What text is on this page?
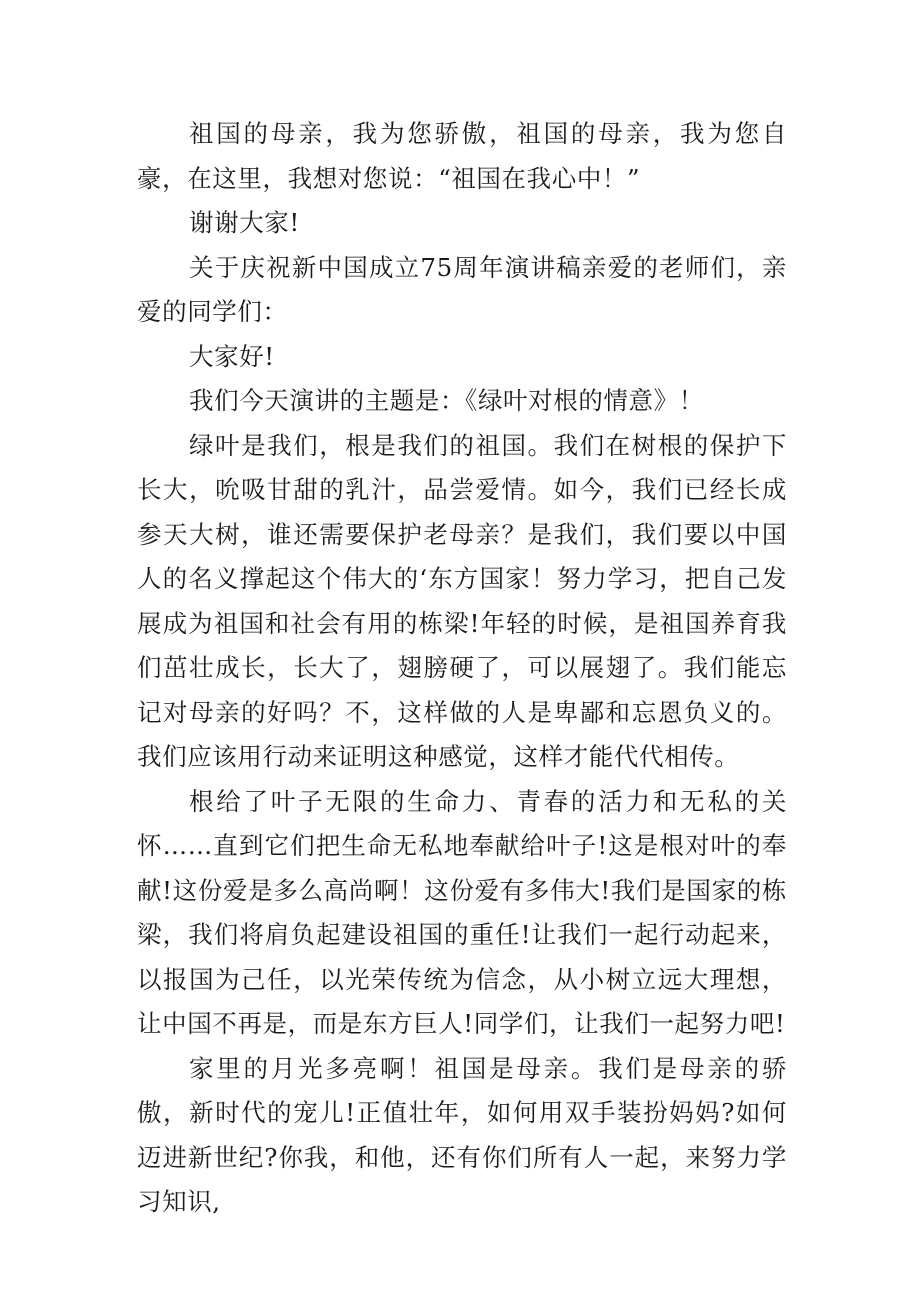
祖国的母亲，我为您骄傲，祖国的母亲，我为您自豪，在这里，我想对您说：“祖国在我心中！”

谢谢大家!

关于庆祝新中国成立75周年演讲稿亲爱的老师们，亲爱的同学们：

大家好!

我们今天演讲的主题是：《绿叶对根的情意》！

绿叶是我们，根是我们的祖国。我们在树根的保护下长大，吮吸甘甜的乳汁，品尝爱情。如今，我们已经长成参天大树，谁还需要保护老母亲？是我们，我们要以中国人的名义撑起这个伟大的‘东方国家！努力学习，把自己发展成为祖国和社会有用的栋梁!年轻的时候，是祖国养育我们茁壮成长，长大了，翅膀硬了，可以展翅了。我们能忘记对母亲的好吗？不，这样做的人是卑鄙和忘恩负义的。我们应该用行动来证明这种感觉，这样才能代代相传。

根给了叶子无限的生命力、青春的活力和无私的关怀……直到它们把生命无私地奉献给叶子!这是根对叶的奉献!这份爱是多么高尚啊！这份爱有多伟大!我们是国家的栋梁，我们将肩负起建设祖国的重任!让我们一起行动起来，以报国为己任，以光荣传统为信念，从小树立远大理想，让中国不再是，而是东方巨人!同学们，让我们一起努力吧!

家里的月光多亮啊！祖国是母亲。我们是母亲的骄傲，新时代的宠儿!正值壮年，如何用双手装扮妈妈?如何迈进新世纪?你我，和他，还有你们所有人一起，来努力学习知识,
